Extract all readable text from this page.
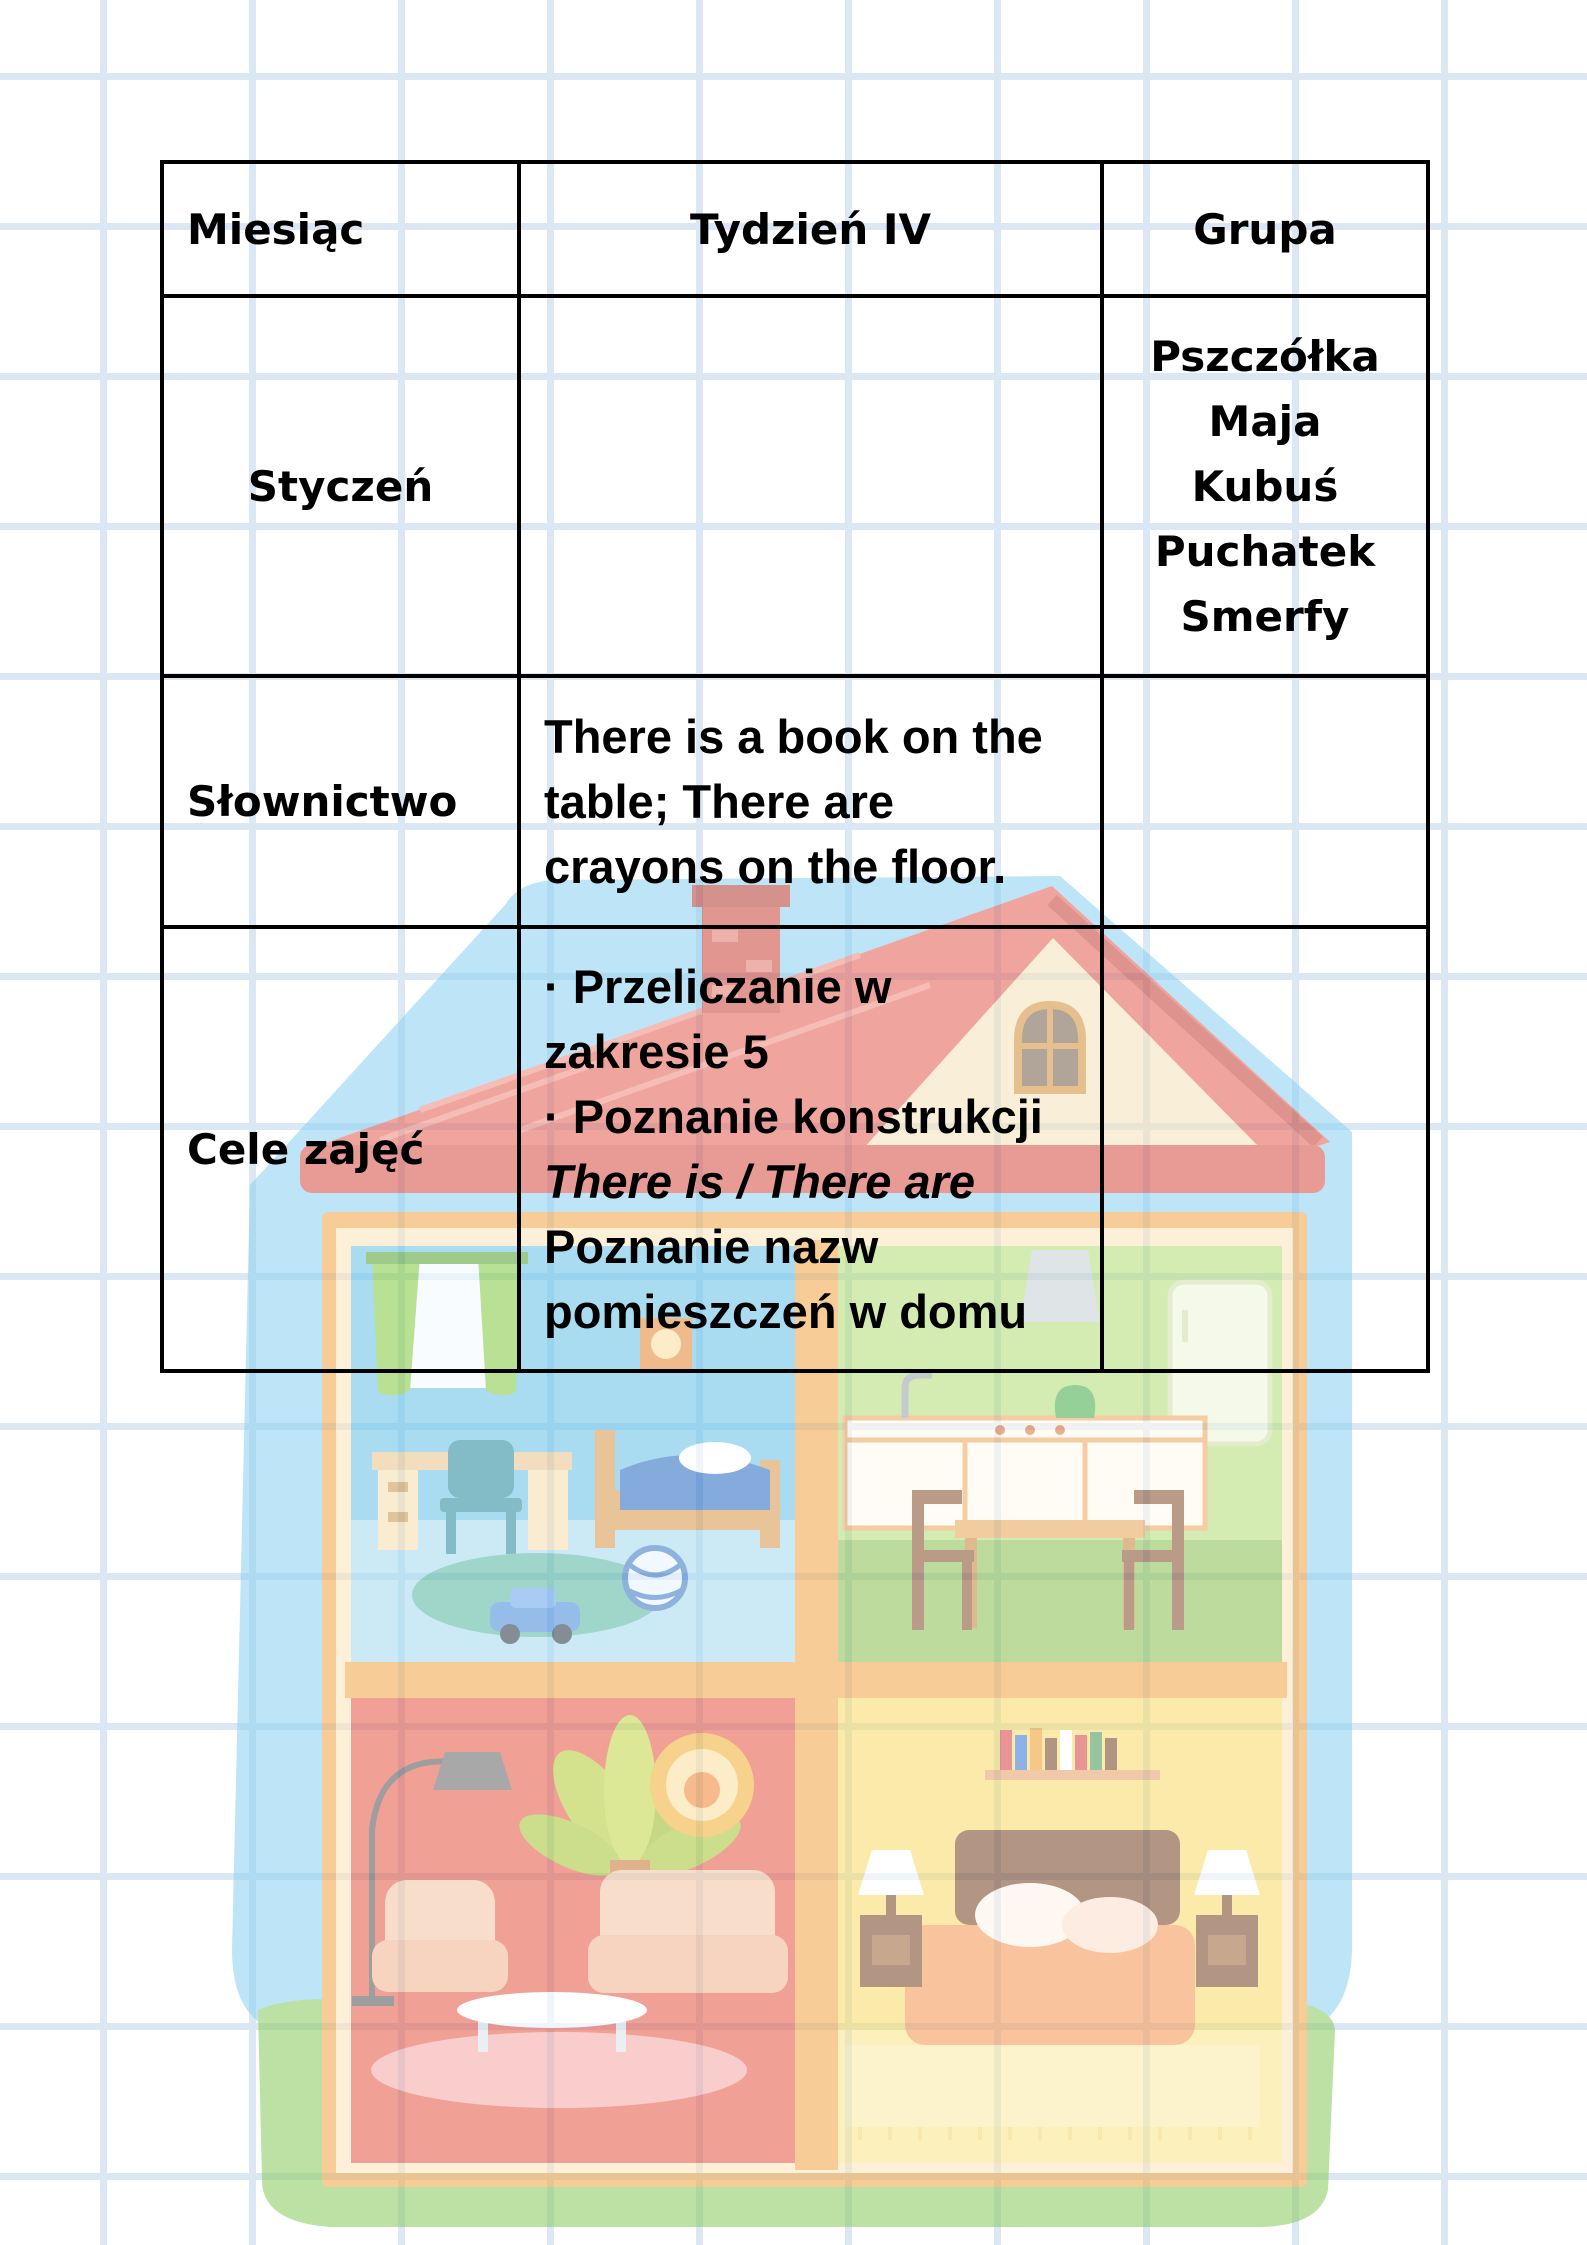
Miesiąc	Tydzień IV	Grupa
Styczeń		Pszczółka Maja Kubuś Puchatek Smerfy

Słownictwo	There is a book on the table; There are crayons on the floor.	
Cele zajęć	· Przeliczanie w zakresie 5
· Poznanie konstrukcji
There is / There are
Poznanie nazw pomieszczeń w domu	
